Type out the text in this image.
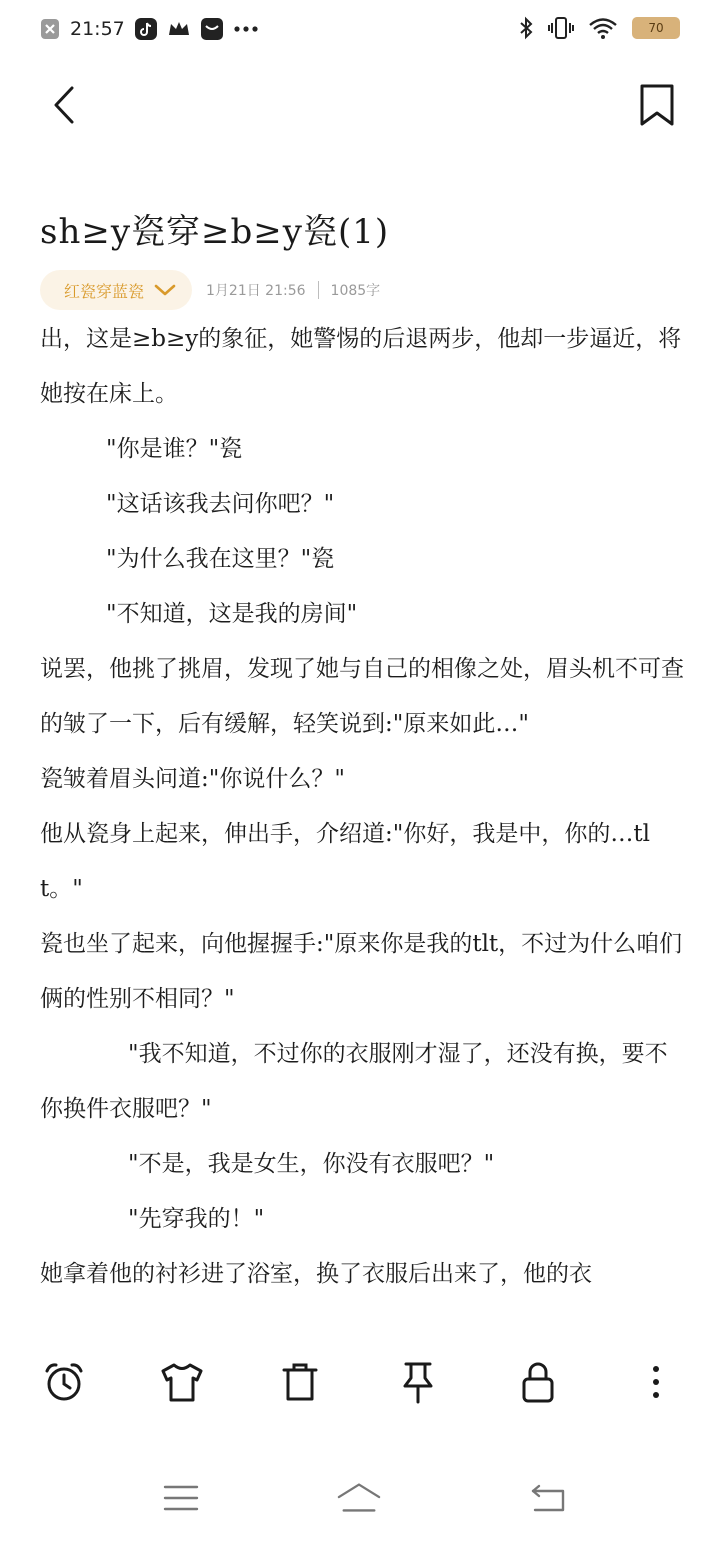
21:57	70
sh≥y瓷穿≥b≥y瓷(1)
红瓷穿蓝瓷	1月21日 21:56 1085字

出，这是≥b≥y的象征，她警惕的后退两步，他却一步逼近，将她按在床上。

"你是谁？"瓷

"这话该我去问你吧？"

"为什么我在这里？"瓷

"不知道，这是我的房间"

说罢，他挑了挑眉，发现了她与自己的相像之处，眉头机不可查的皱了一下，后有缓解，轻笑说到:"原来如此…"

瓷皱着眉头问道:"你说什么？"

他从瓷身上起来，伸出手，介绍道:"你好，我是中，你的…tlt。"

瓷也坐了起来，向他握握手:"原来你是我的tlt，不过为什么咱们俩的性别不相同？"

"我不知道，不过你的衣服刚才湿了，还没有换，要不你换件衣服吧？"

"不是，我是女生，你没有衣服吧？"

"先穿我的！"

她拿着他的衬衫进了浴室，换了衣服后出来了，他的衣
